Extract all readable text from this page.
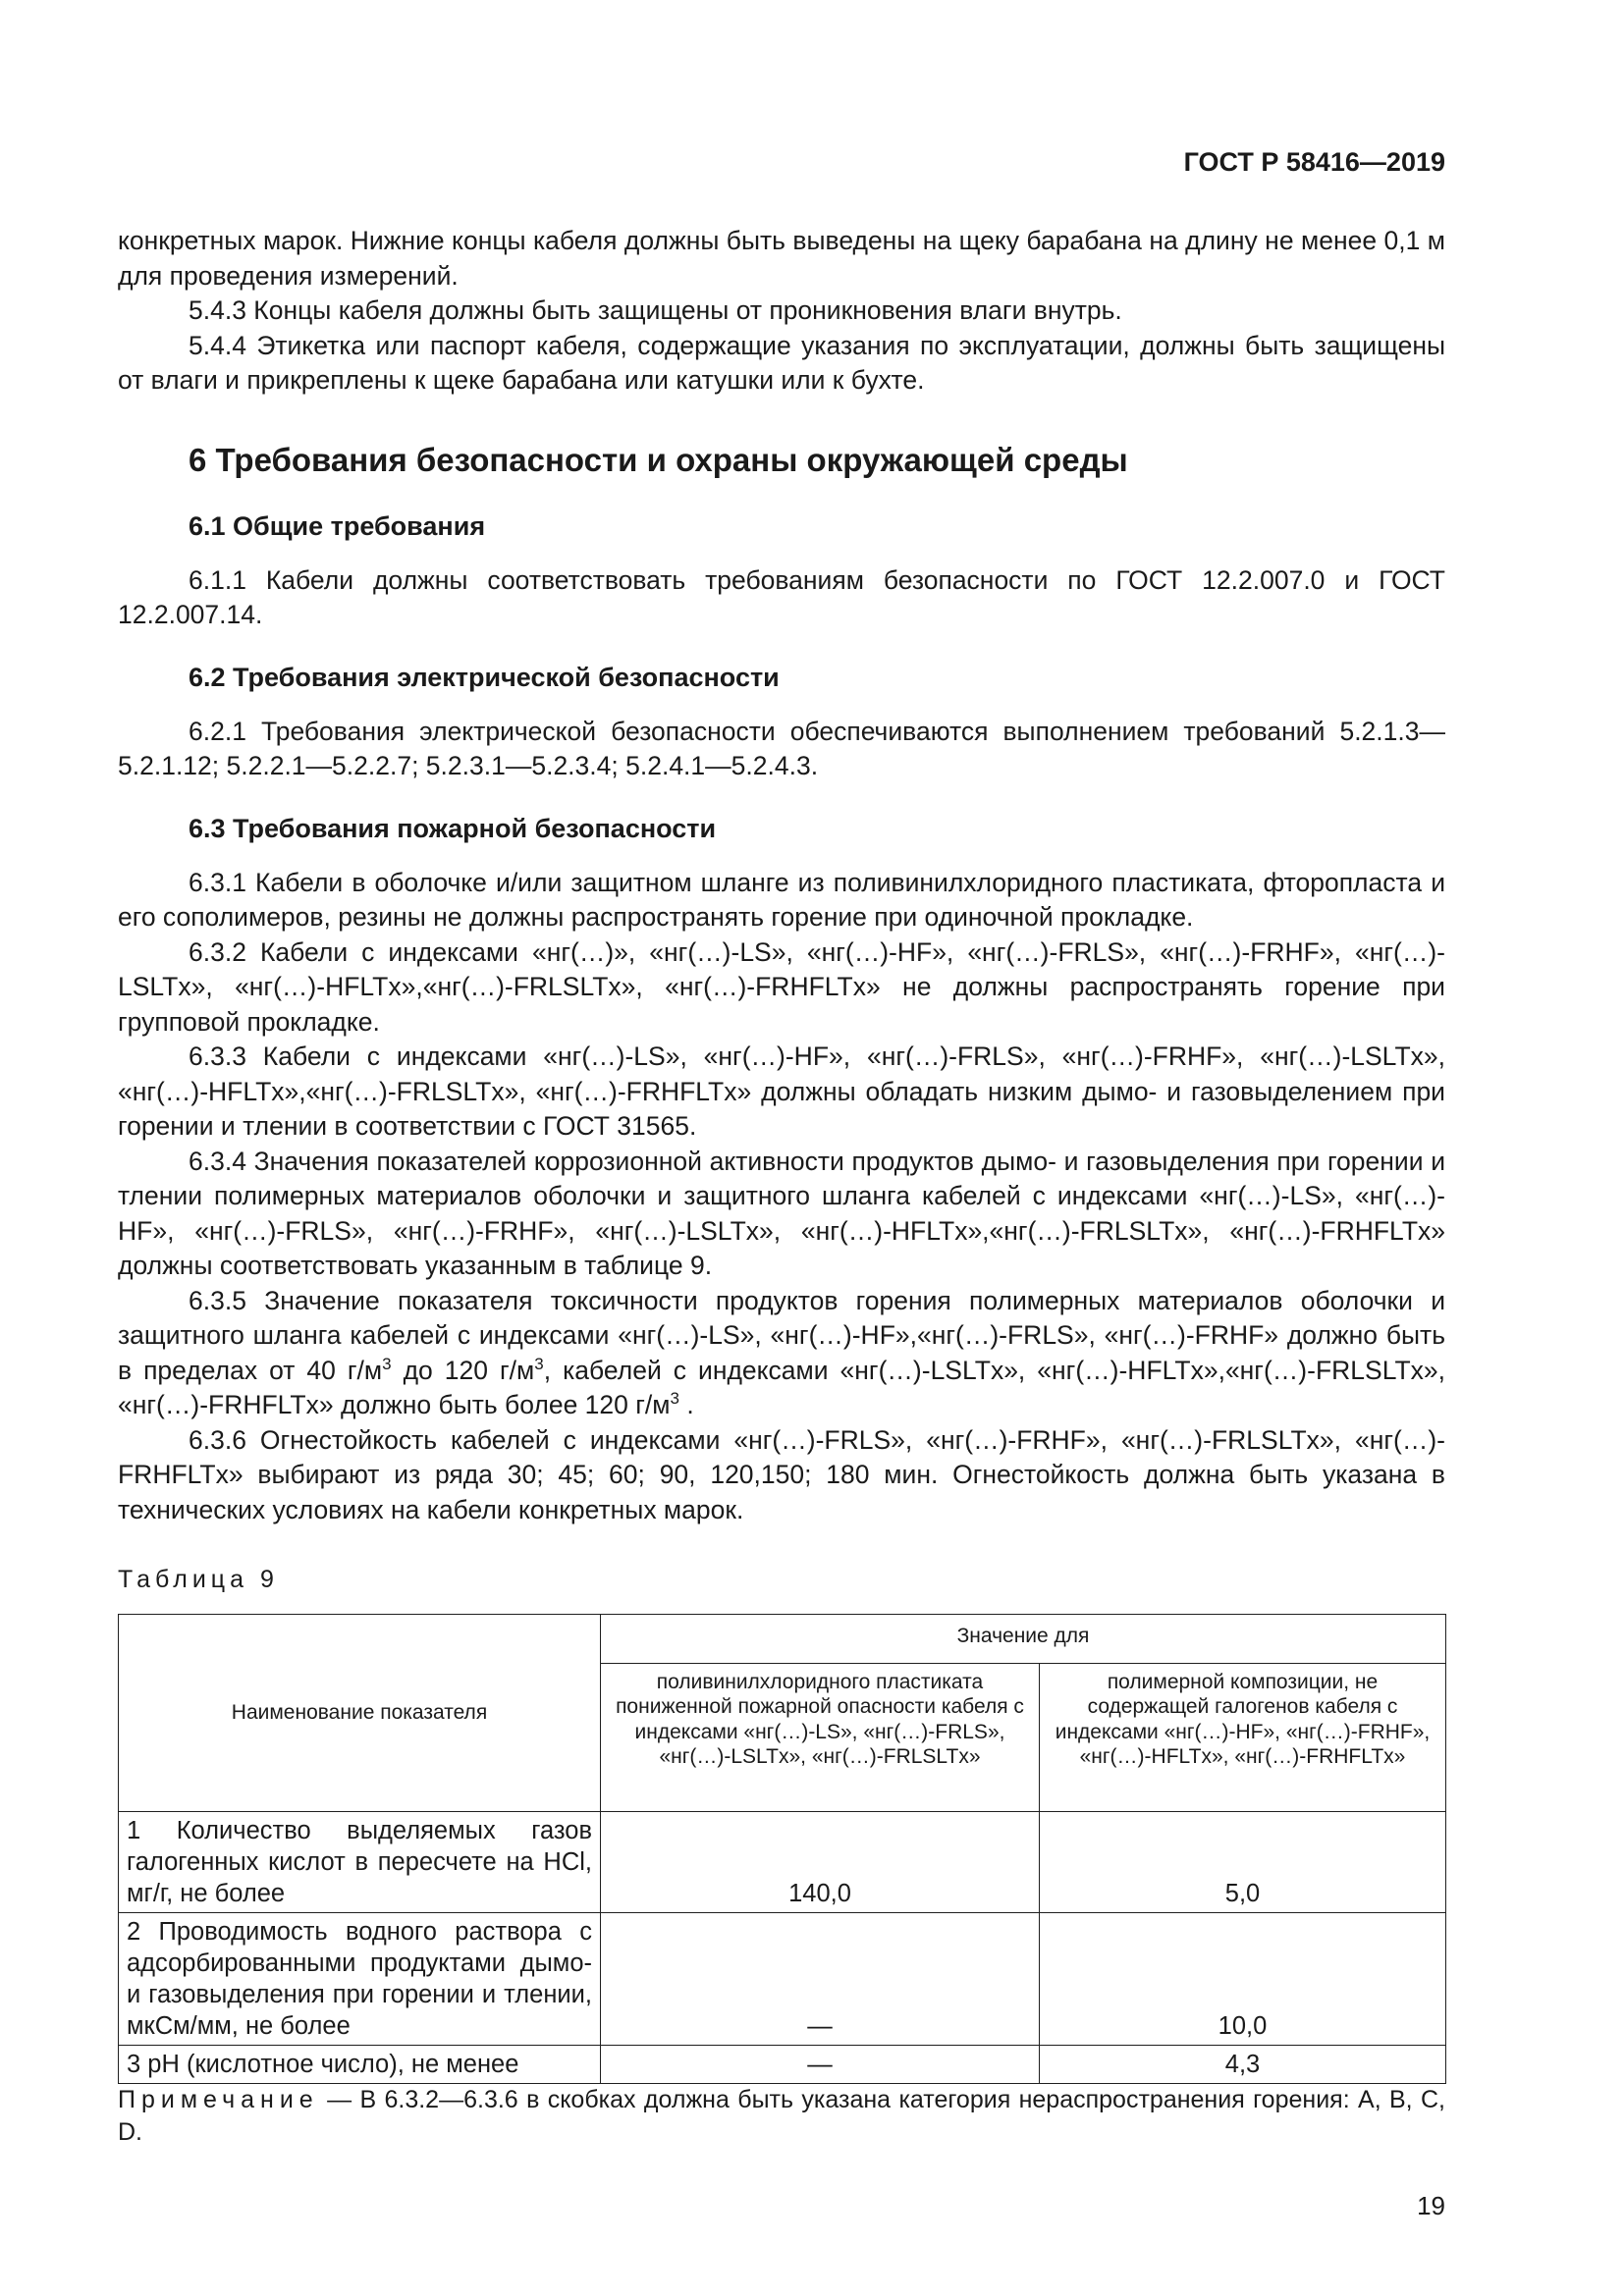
ГОСТ Р 58416—2019

конкретных марок. Нижние концы кабеля должны быть выведены на щеку барабана на длину не менее 0,1 м для проведения измерений.

5.4.3 Концы кабеля должны быть защищены от проникновения влаги внутрь.

5.4.4 Этикетка или паспорт кабеля, содержащие указания по эксплуатации, должны быть защищены от влаги и прикреплены к щеке барабана или катушки или к бухте.

6 Требования безопасности и охраны окружающей среды
6.1 Общие требования

6.1.1 Кабели должны соответствовать требованиям безопасности по ГОСТ 12.2.007.0 и ГОСТ 12.2.007.14.

6.2 Требования электрической безопасности

6.2.1 Требования электрической безопасности обеспечиваются выполнением требований 5.2.1.3—5.2.1.12; 5.2.2.1—5.2.2.7; 5.2.3.1—5.2.3.4; 5.2.4.1—5.2.4.3.

6.3 Требования пожарной безопасности

6.3.1 Кабели в оболочке и/или защитном шланге из поливинилхлоридного пластиката, фторопласта и его сополимеров, резины не должны распространять горение при одиночной прокладке.

6.3.2 Кабели с индексами «нг(…)», «нг(…)-LS», «нг(…)-HF», «нг(…)-FRLS», «нг(…)-FRHF», «нг(…)-LSLTx», «нг(…)-HFLTx»,«нг(…)-FRLSLTx», «нг(…)-FRHFLTx» не должны распространять горение при групповой прокладке.

6.3.3 Кабели с индексами «нг(…)-LS», «нг(…)-HF», «нг(…)-FRLS», «нг(…)-FRHF», «нг(…)-LSLTx», «нг(…)-HFLTx»,«нг(…)-FRLSLTx», «нг(…)-FRHFLTx» должны обладать низким дымо- и газовыделением при горении и тлении в соответствии с ГОСТ 31565.

6.3.4 Значения показателей коррозионной активности продуктов дымо- и газовыделения при горении и тлении полимерных материалов оболочки и защитного шланга кабелей с индексами «нг(…)-LS», «нг(…)-HF», «нг(…)-FRLS», «нг(…)-FRHF», «нг(…)-LSLTx», «нг(…)-HFLTx»,«нг(…)-FRLSLTx», «нг(…)-FRHFLTx» должны соответствовать указанным в таблице 9.

6.3.5 Значение показателя токсичности продуктов горения полимерных материалов оболочки и защитного шланга кабелей с индексами «нг(…)-LS», «нг(…)-HF»,«нг(…)-FRLS», «нг(…)-FRHF» должно быть в пределах от 40 $г/м^3$ до 120 $г/м^3$, кабелей с индексами «нг(…)-LSLTx», «нг(…)-HFLTx»,«нг(…)-FRLSLTx», «нг(…)-FRHFLTx» должно быть более 120 $г/м^3$ .

6.3.6 Огнестойкость кабелей с индексами «нг(…)-FRLS», «нг(…)-FRHF», «нг(…)-FRLSLTx», «нг(…)-FRHFLTx» выбирают из ряда 30; 45; 60; 90, 120,150; 180 мин. Огнестойкость должна быть указана в технических условиях на кабели конкретных марок.

Таблица 9
Наименование показателя	Значение для	
	поливинилхлоридного пластиката пониженной пожарной опасности кабеля с индексами «нг(…)-LS», «нг(…)-FRLS», «нг(…)-LSLTx», «нг(…)-FRLSLTx»	полимерной композиции, не содержащей галогенов кабеля с индексами «нг(…)-HF», «нг(…)-FRHF», «нг(…)-HFLTx», «нг(…)-FRHFLTx»
1 Количество выделяемых газов галогенных кислот в пересчете на HCl, мг/г, не более	140,0	5,0
2 Проводимость водного раствора с адсорбированными продуктами дымо- и газовыделения при горении и тлении, мкСм/мм, не более	—	10,0
3 pH (кислотное число), не менее	—	4,3

Примечание — В 6.3.2—6.3.6 в скобках должна быть указана категория нераспространения горения: A, B, C, D.

19
